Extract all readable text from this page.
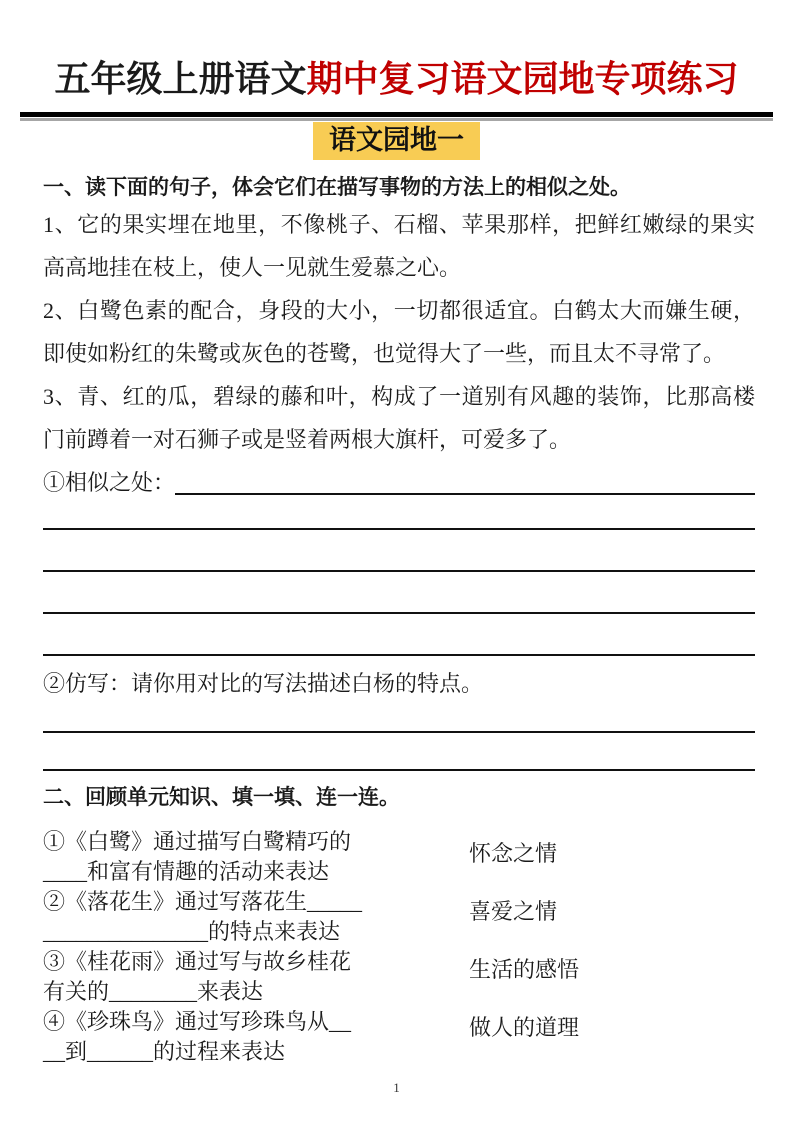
五年级上册语文期中复习语文园地专项练习
语文园地一
一、读下面的句子，体会它们在描写事物的方法上的相似之处。

1、它的果实埋在地里，不像桃子、石榴、苹果那样，把鲜红嫩绿的果实高高地挂在枝上，使人一见就生爱慕之心。

2、白鹭色素的配合，身段的大小，一切都很适宜。白鹤太大而嫌生硬，即使如粉红的朱鹭或灰色的苍鹭，也觉得大了一些，而且太不寻常了。

3、青、红的瓜，碧绿的藤和叶，构成了一道别有风趣的装饰，比那高楼门前蹲着一对石狮子或是竖着两根大旗杆，可爱多了。

①相似之处：
②仿写：请你用对比的写法描述白杨的特点。
二、回顾单元知识、填一填、连一连。
①《白鹭》通过描写白鹭精巧的
____和富有情趣的活动来表达
②《落花生》通过写落花生_____
_______________的特点来表达
③《桂花雨》通过写与故乡桂花
有关的________来表达
④《珍珠鸟》通过写珍珠鸟从__
__到______的过程来表达
怀念之情
喜爱之情
生活的感悟
做人的道理
1
